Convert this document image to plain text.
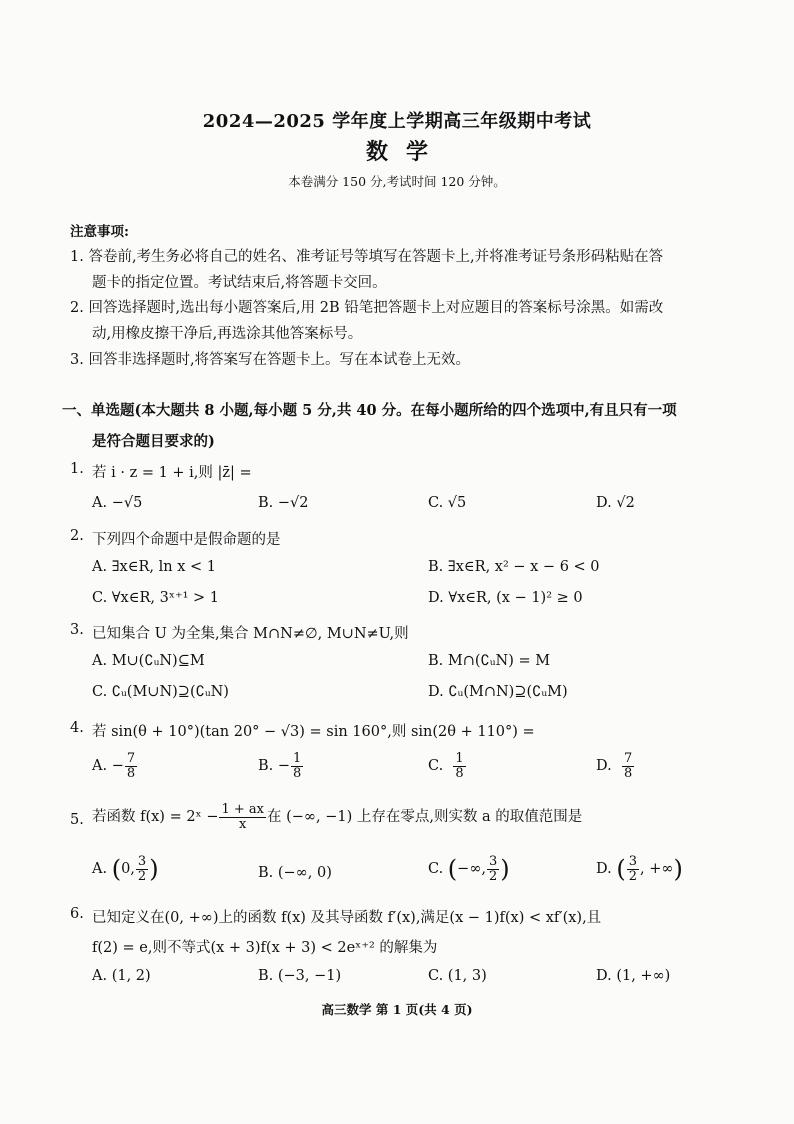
2024—2025 学年度上学期高三年级期中考试
数学
本卷满分 150 分,考试时间 120 分钟。
注意事项:
1. 答卷前,考生务必将自己的姓名、准考证号等填写在答题卡上,并将准考证号条形码粘贴在答
题卡的指定位置。考试结束后,将答题卡交回。
2. 回答选择题时,选出每小题答案后,用 2B 铅笔把答题卡上对应题目的答案标号涂黑。如需改
动,用橡皮擦干净后,再选涂其他答案标号。
3. 回答非选择题时,将答案写在答题卡上。写在本试卷上无效。
一、单选题(本大题共 8 小题,每小题 5 分,共 40 分。在每小题所给的四个选项中,有且只有一项
是符合题目要求的)
1. 若 i · z = 1 + i,则 |z̄| =
A. −√5	B. −√2	C. √5	D. √2
2. 下列四个命题中是假命题的是
A. ∃x∈R, ln x < 1	B. ∃x∈R, x² − x − 6 < 0
C. ∀x∈R, 3ˣ⁺¹ > 1	D. ∀x∈R, (x − 1)² ≥ 0
3. 已知集合 U 为全集,集合 M∩N≠∅, M∪N≠U,则
A. M∪(∁ᵤN)⊆M	B. M∩(∁ᵤN) = M
C. ∁ᵤ(M∪N)⊇(∁ᵤN)	D. ∁ᵤ(M∩N)⊇(∁ᵤM)
4. 若 sin(θ + 10°)(tan 20° − √3) = sin 160°,则 sin(2θ + 110°) =
A. − $\frac{7}{8}$	B. − $\frac{1}{8}$	C. $\frac{1}{8}$	D. $\frac{7}{8}$
5. 若函数 f(x) = 2ˣ − $\frac{1 + ax}{x}$ 在 (−∞, −1) 上存在零点,则实数 a 的取值范围是
A. (0, $\frac{3}{2}$ )	B. (−∞, 0)	C. (−∞, $\frac{3}{2}$ )	D. ( $\frac{3}{2}$ , +∞)
6. 已知定义在(0, +∞)上的函数 f(x) 及其导函数 f′(x),满足(x − 1)f(x) < xf′(x),且
f(2) = e,则不等式(x + 3)f(x + 3) < 2eˣ⁺² 的解集为
A. (1, 2)	B. (−3, −1)	C. (1, 3)	D. (1, +∞)
高三数学 第 1 页(共 4 页)
